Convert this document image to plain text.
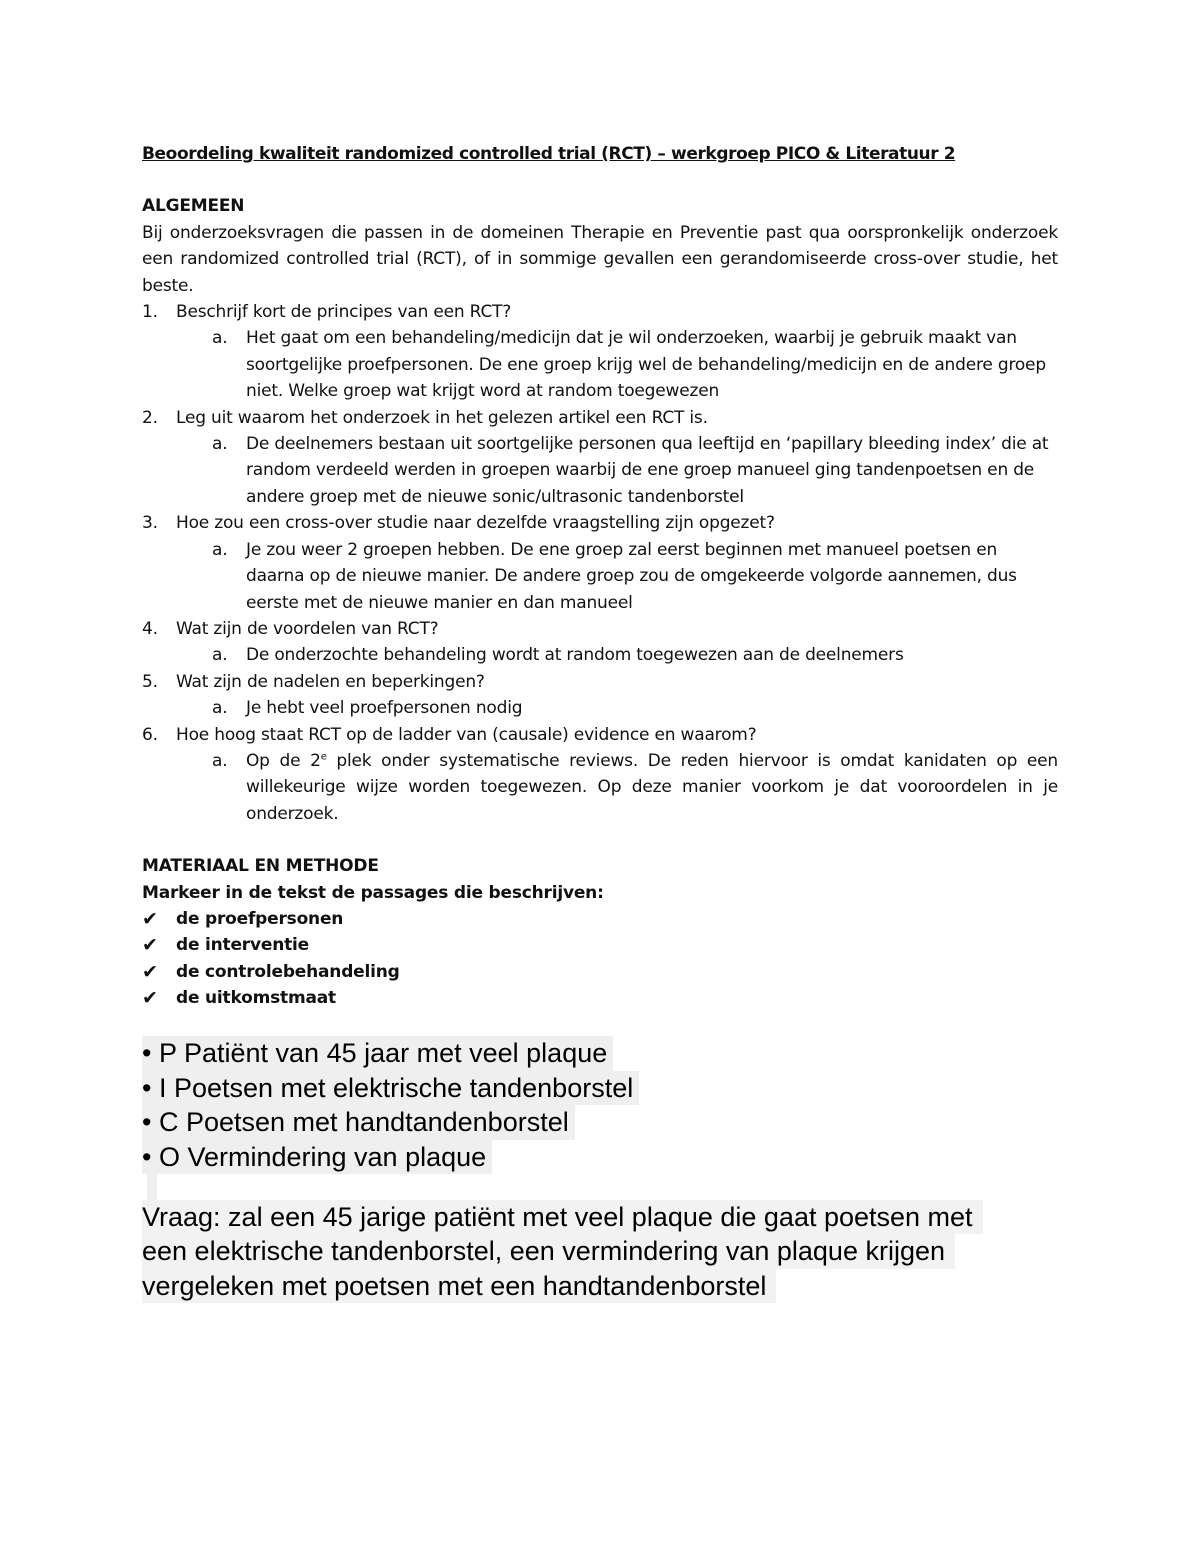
Beoordeling kwaliteit randomized controlled trial (RCT) – werkgroep PICO & Literatuur 2
ALGEMEEN
Bij onderzoeksvragen die passen in de domeinen Therapie en Preventie past qua oorspronkelijk onderzoek een randomized controlled trial (RCT), of in sommige gevallen een gerandomiseerde cross-over studie, het beste.
1.	Beschrijf kort de principes van een RCT?
a.	Het gaat om een behandeling/medicijn dat je wil onderzoeken, waarbij je gebruik maakt van soortgelijke proefpersonen. De ene groep krijg wel de behandeling/medicijn en de andere groep niet. Welke groep wat krijgt word at random toegewezen
2.	Leg uit waarom het onderzoek in het gelezen artikel een RCT is.
a.	De deelnemers bestaan uit soortgelijke personen qua leeftijd en ‘papillary bleeding index’ die at random verdeeld werden in groepen waarbij de ene groep manueel ging tandenpoetsen en de andere groep met de nieuwe sonic/ultrasonic tandenborstel
3.	Hoe zou een cross-over studie naar dezelfde vraagstelling zijn opgezet?
a.	Je zou weer 2 groepen hebben. De ene groep zal eerst beginnen met manueel poetsen en daarna op de nieuwe manier. De andere groep zou de omgekeerde volgorde aannemen, dus eerste met de nieuwe manier en dan manueel
4.	Wat zijn de voordelen van RCT?
a.	De onderzochte behandeling wordt at random toegewezen aan de deelnemers
5.	Wat zijn de nadelen en beperkingen?
a.	Je hebt veel proefpersonen nodig
6.	Hoe hoog staat RCT op de ladder van (causale) evidence en waarom?
a.	Op de 2e plek onder systematische reviews. De reden hiervoor is omdat kanidaten op een willekeurige wijze worden toegewezen. Op deze manier voorkom je dat vooroordelen in je onderzoek.
MATERIAAL EN METHODE
Markeer in de tekst de passages die beschrijven:
✔	de proefpersonen
✔	de interventie
✔	de controlebehandeling
✔	de uitkomstmaat
• P Patiënt van 45 jaar met veel plaque
• I Poetsen met elektrische tandenborstel
• C Poetsen met handtandenborstel
• O Vermindering van plaque
Vraag: zal een 45 jarige patiënt met veel plaque die gaat poetsen met
een elektrische tandenborstel, een vermindering van plaque krijgen
vergeleken met poetsen met een handtandenborstel
